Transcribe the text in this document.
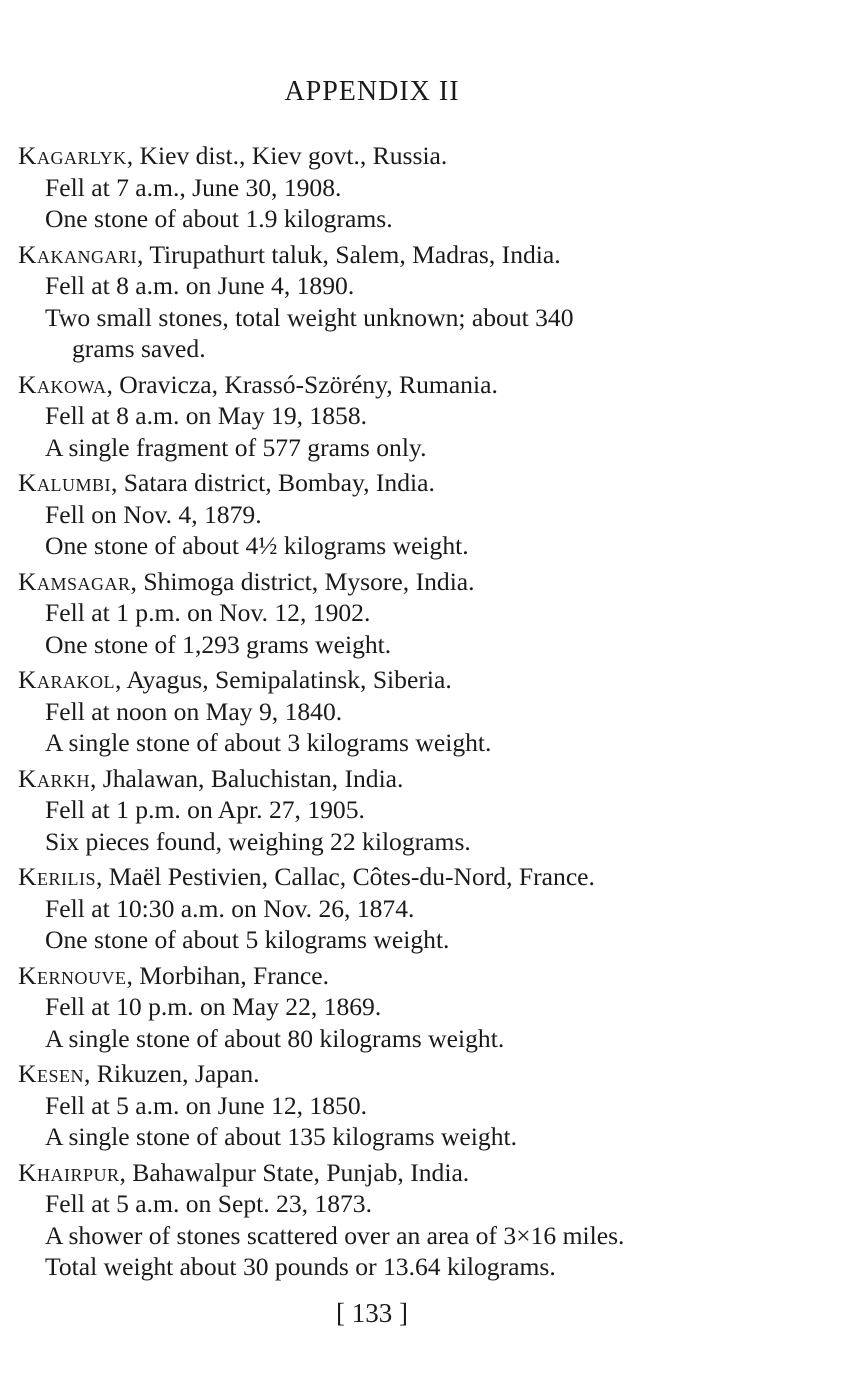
APPENDIX II
Kagarlyk, Kiev dist., Kiev govt., Russia.
Fell at 7 a.m., June 30, 1908.
One stone of about 1.9 kilograms.
Kakangari, Tirupathurt taluk, Salem, Madras, India.
Fell at 8 a.m. on June 4, 1890.
Two small stones, total weight unknown; about 340
grams saved.
Kakowa, Oravicza, Krassó-Szörény, Rumania.
Fell at 8 a.m. on May 19, 1858.
A single fragment of 577 grams only.
Kalumbi, Satara district, Bombay, India.
Fell on Nov. 4, 1879.
One stone of about 4½ kilograms weight.
Kamsagar, Shimoga district, Mysore, India.
Fell at 1 p.m. on Nov. 12, 1902.
One stone of 1,293 grams weight.
Karakol, Ayagus, Semipalatinsk, Siberia.
Fell at noon on May 9, 1840.
A single stone of about 3 kilograms weight.
Karkh, Jhalawan, Baluchistan, India.
Fell at 1 p.m. on Apr. 27, 1905.
Six pieces found, weighing 22 kilograms.
Kerilis, Maël Pestivien, Callac, Côtes-du-Nord, France.
Fell at 10:30 a.m. on Nov. 26, 1874.
One stone of about 5 kilograms weight.
Kernouve, Morbihan, France.
Fell at 10 p.m. on May 22, 1869.
A single stone of about 80 kilograms weight.
Kesen, Rikuzen, Japan.
Fell at 5 a.m. on June 12, 1850.
A single stone of about 135 kilograms weight.
Khairpur, Bahawalpur State, Punjab, India.
Fell at 5 a.m. on Sept. 23, 1873.
A shower of stones scattered over an area of 3×16 miles.
Total weight about 30 pounds or 13.64 kilograms.
[ 133 ]
